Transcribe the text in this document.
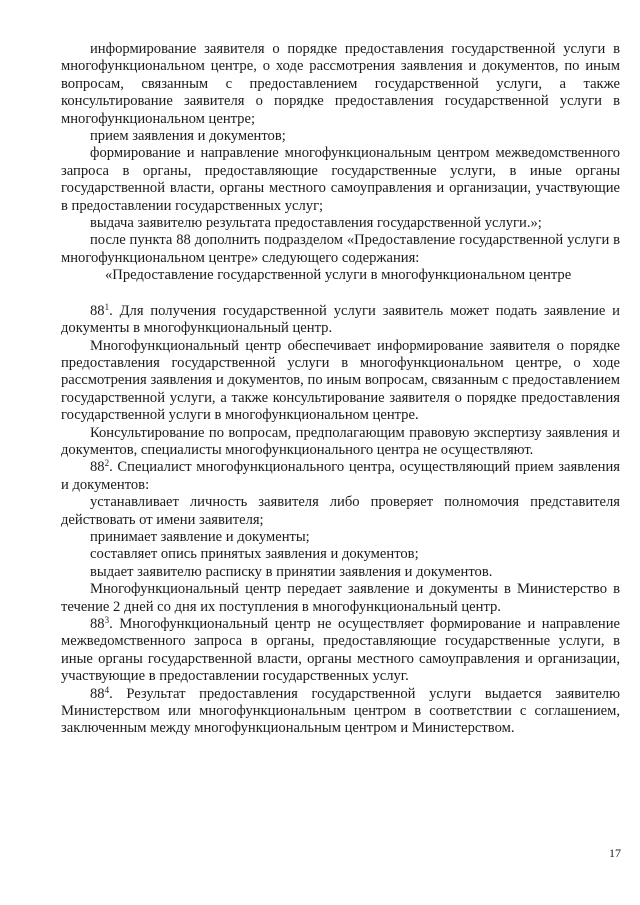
информирование заявителя о порядке предоставления государственной услуги в многофункциональном центре, о ходе рассмотрения заявления и документов, по иным вопросам, связанным с предоставлением государственной услуги, а также консультирование заявителя о порядке предоставления государственной услуги в многофункциональном центре;

прием заявления и документов;

формирование и направление многофункциональным центром межведомственного запроса в органы, предоставляющие государственные услуги, в иные органы государственной власти, органы местного самоуправления и организации, участвующие в предоставлении государственных услуг;

выдача заявителю результата предоставления государственной услуги.»;

после пункта 88 дополнить подразделом «Предоставление государственной услуги в многофункциональном центре» следующего содержания:

«Предоставление государственной услуги в многофункциональном центре

$88^1$. Для получения государственной услуги заявитель может подать заявление и документы в многофункциональный центр.

Многофункциональный центр обеспечивает информирование заявителя о порядке предоставления государственной услуги в многофункциональном центре, о ходе рассмотрения заявления и документов, по иным вопросам, связанным с предоставлением государственной услуги, а также консультирование заявителя о порядке предоставления государственной услуги в многофункциональном центре.

Консультирование по вопросам, предполагающим правовую экспертизу заявления и документов, специалисты многофункционального центра не осуществляют.

$88^2$. Специалист многофункционального центра, осуществляющий прием заявления и документов:

устанавливает личность заявителя либо проверяет полномочия представителя действовать от имени заявителя;

принимает заявление и документы;

составляет опись принятых заявления и документов;

выдает заявителю расписку в принятии заявления и документов.

Многофункциональный центр передает заявление и документы в Министерство в течение 2 дней со дня их поступления в многофункциональный центр.

$88^3$. Многофункциональный центр не осуществляет формирование и направление межведомственного запроса в органы, предоставляющие государственные услуги, в иные органы государственной власти, органы местного самоуправления и организации, участвующие в предоставлении государственных услуг.

$88^4$. Результат предоставления государственной услуги выдается заявителю Министерством или многофункциональным центром в соответствии с соглашением, заключенным между многофункциональным центром и Министерством.

17
